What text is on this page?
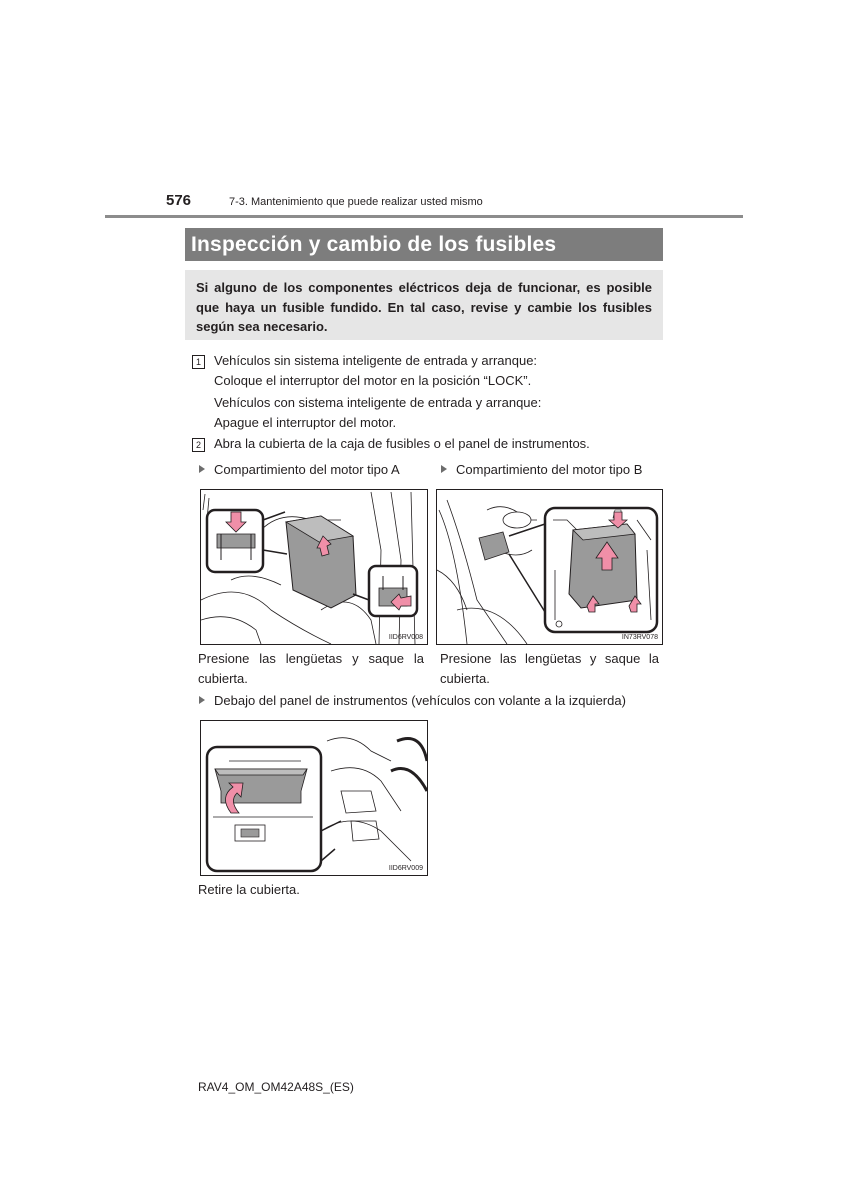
576	7-3. Mantenimiento que puede realizar usted mismo
Inspección y cambio de los fusibles
Si alguno de los componentes eléctricos deja de funcionar, es posible que haya un fusible fundido. En tal caso, revise y cambie los fusibles según sea necesario.
1	Vehículos sin sistema inteligente de entrada y arranque:
Coloque el interruptor del motor en la posición “LOCK”.
Vehículos con sistema inteligente de entrada y arranque:
Apague el interruptor del motor.
2	Abra la cubierta de la caja de fusibles o el panel de instrumentos.
Compartimiento del motor tipo A	Compartimiento del motor tipo B
IID6RV008	IN73RV078
Presione las lengüetas y saque la cubierta.
Presione las lengüetas y saque la cubierta.
Debajo del panel de instrumentos (vehículos con volante a la izquierda)
IID6RV009
Retire la cubierta.
RAV4_OM_OM42A48S_(ES)
